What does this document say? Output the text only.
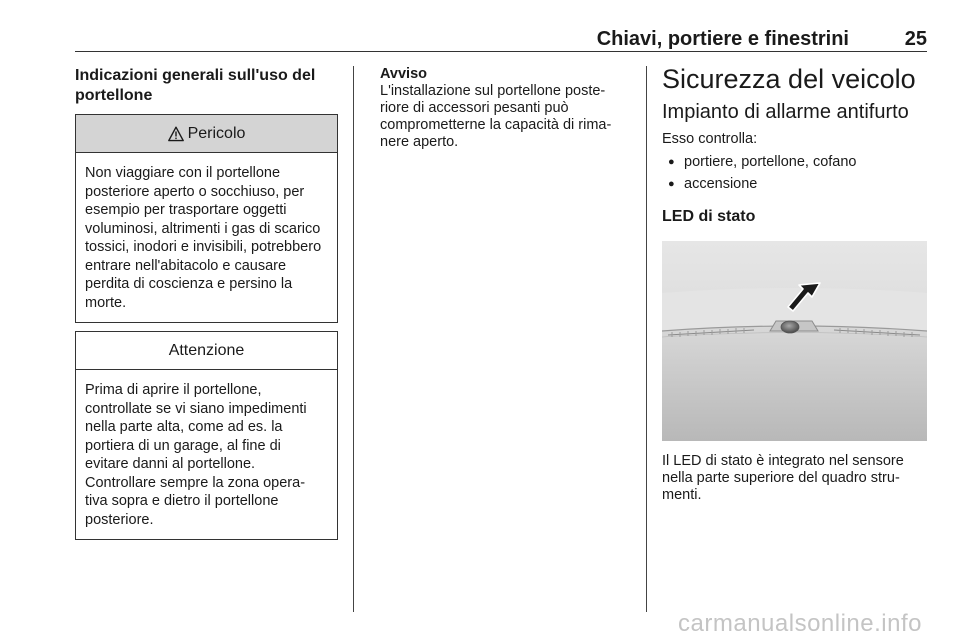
Chiavi, portiere e finestrini	25
Indicazioni generali sull'uso del portellone
Pericolo
Non viaggiare con il portellone posteriore aperto o socchiuso, per esempio per trasportare oggetti voluminosi, altrimenti i gas di scarico tossici, inodori e invisibili, potrebbero entrare nell'abitacolo e causare perdita di coscienza e persino la morte.
Attenzione
Prima di aprire il portellone, controllate se vi siano impedimenti nella parte alta, come ad es. la portiera di un garage, al fine di evitare danni al portellone. Controllare sempre la zona opera- tiva sopra e dietro il portellone posteriore.
Avviso
L'installazione sul portellone poste- riore di accessori pesanti può comprometterne la capacità di rima- nere aperto.
Sicurezza del veicolo
Impianto di allarme antifurto
Esso controlla:
● portiere, portellone, cofano
● accensione
LED di stato
Il LED di stato è integrato nel sensore nella parte superiore del quadro stru- menti.
carmanualsonline.info
